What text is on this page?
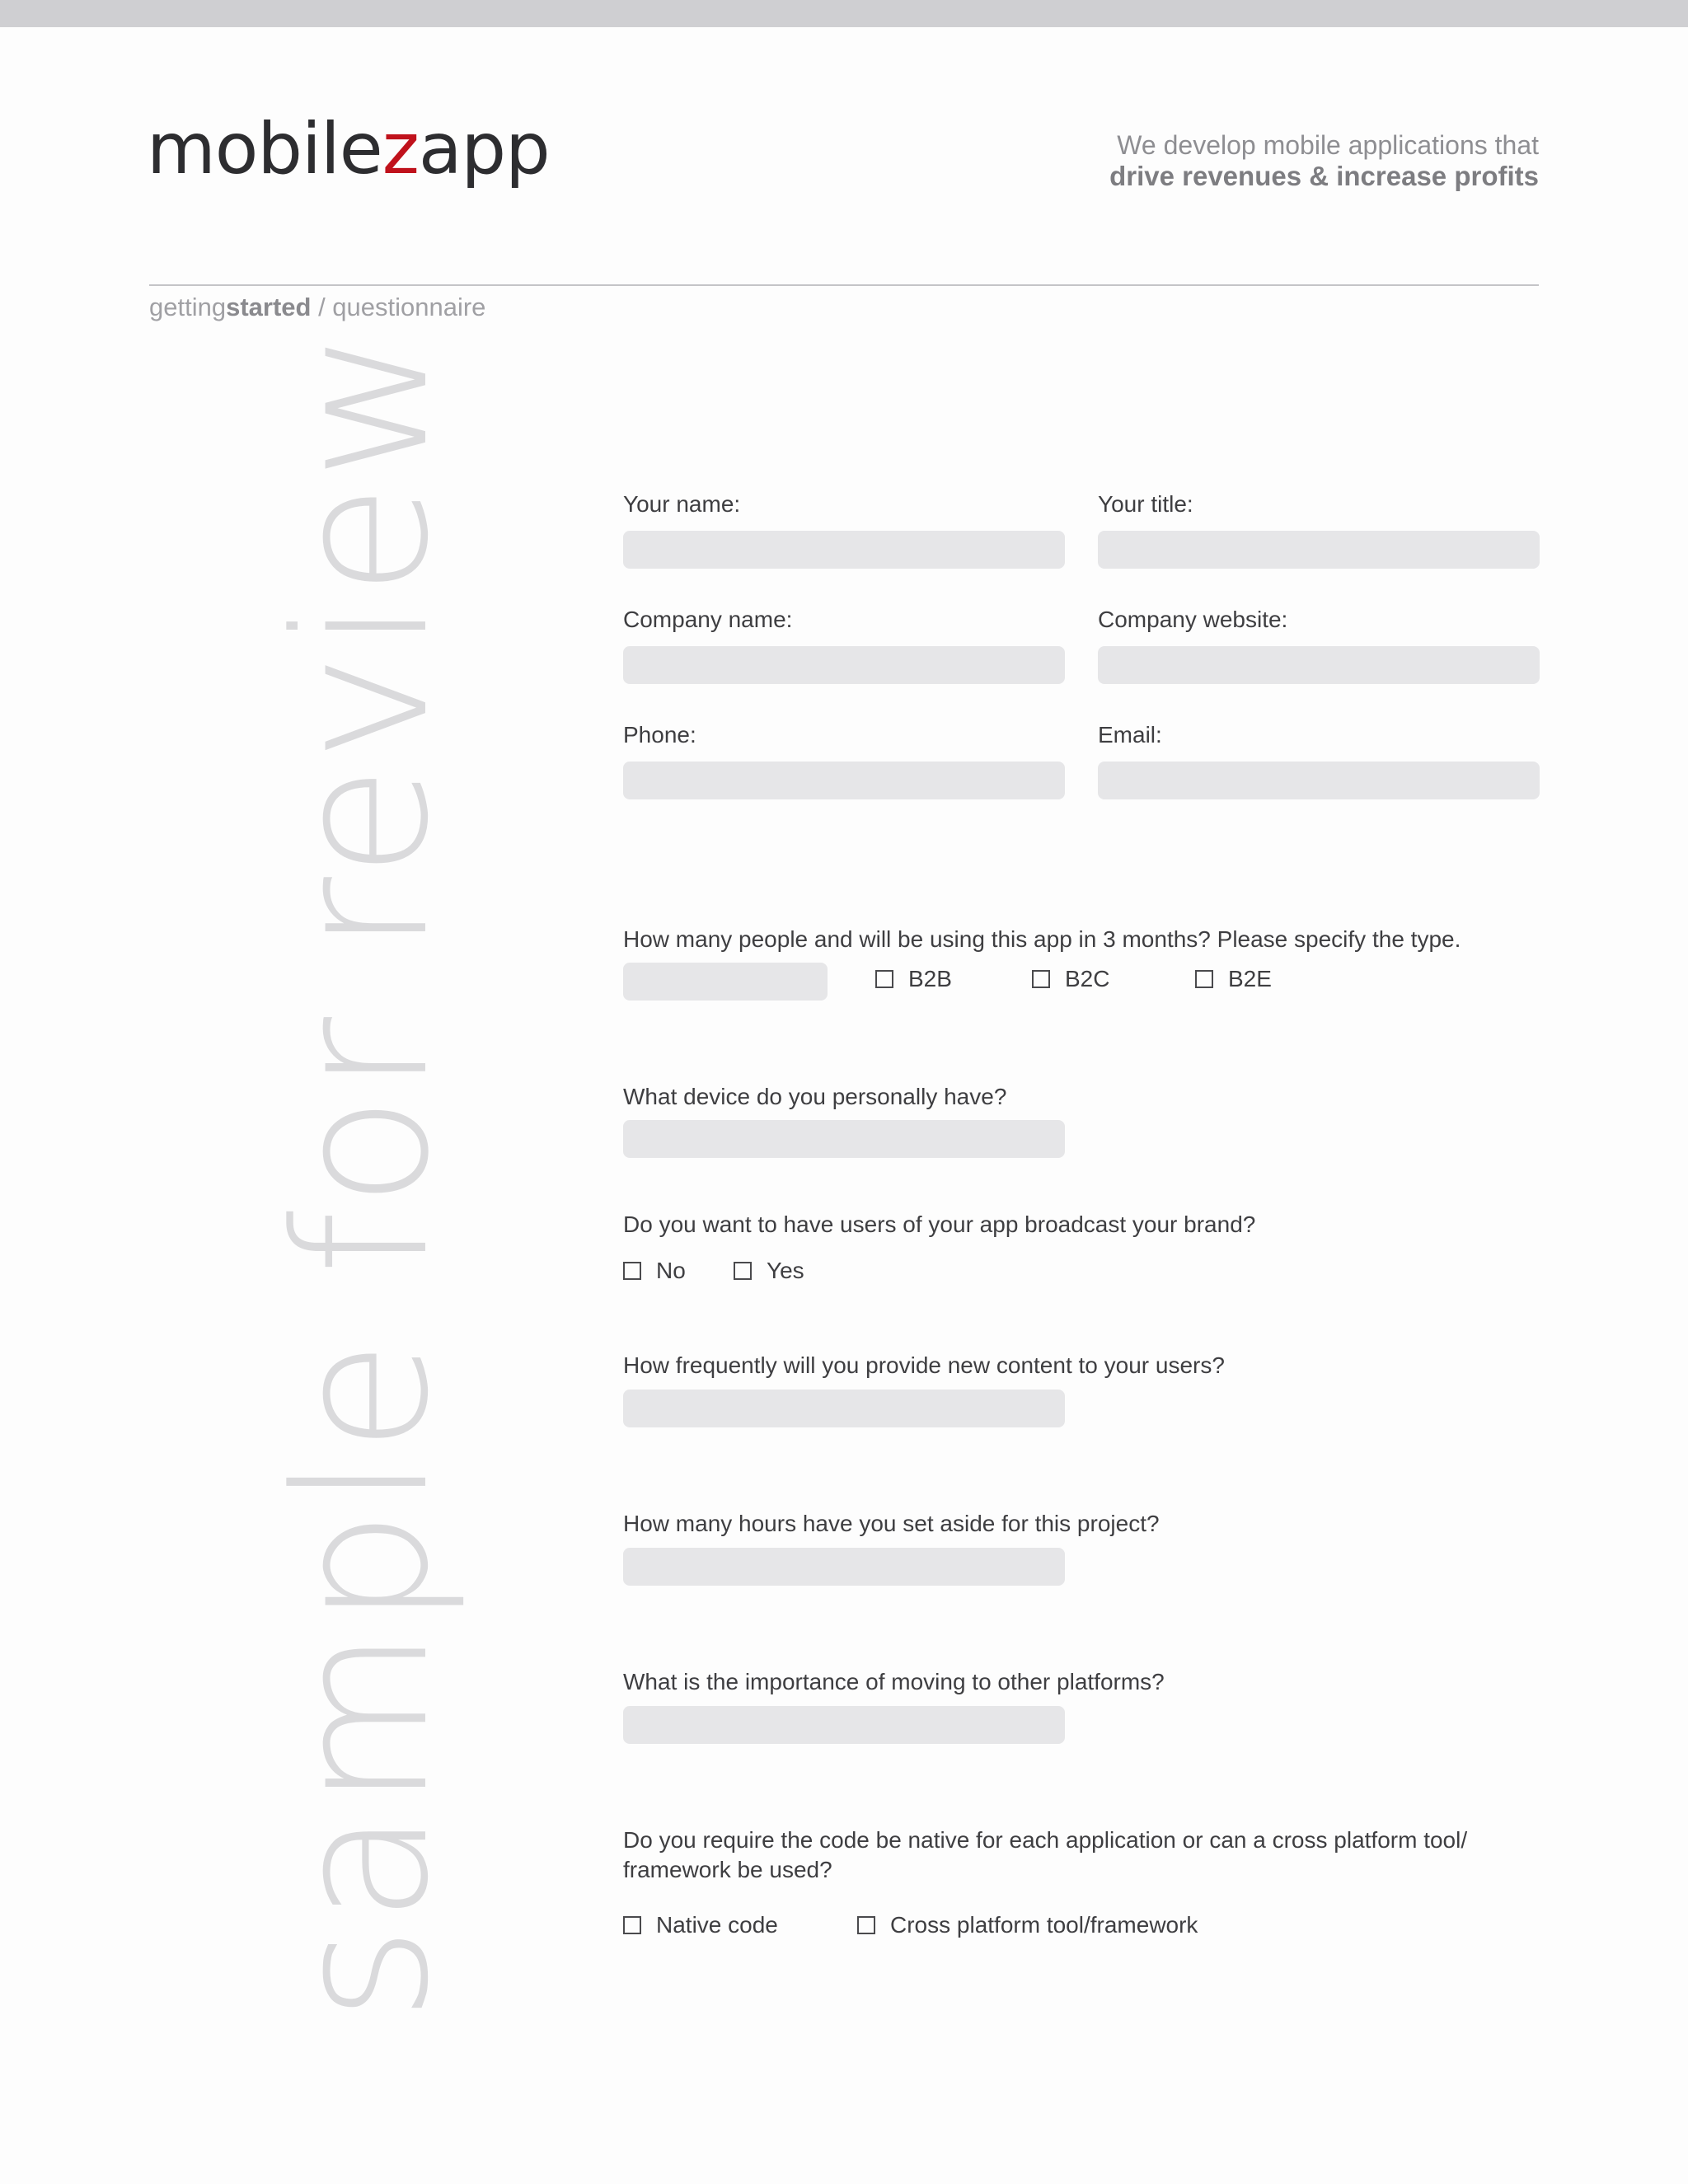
mobilezapp	We develop mobile applications that
drive revenues & increase profits
gettingstarted / questionnaire
sample for review	Your name:	Your title:
Company name:	Company website:
Phone:	Email:
How many people and will be using this app in 3 months? Please specify the type.
B2B	B2C	B2E
What device do you personally have?
Do you want to have users of your app broadcast your brand?
No	Yes
How frequently will you provide new content to your users?
How many hours have you set aside for this project?
What is the importance of moving to other platforms?
Do you require the code be native for each application or can a cross platform tool/
framework be used?
Native code	Cross platform tool/framework
